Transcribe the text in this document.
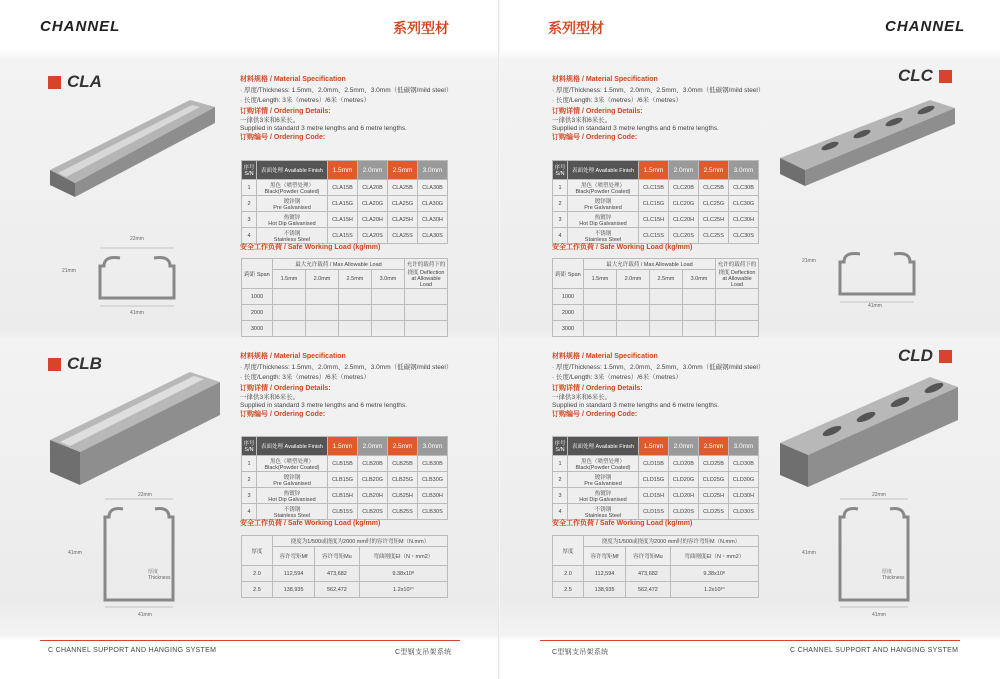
CHANNEL	系列型材
CLA
22mm
21mm
41mm
材料规格 / Material Specification
· 厚度/Thickness: 1.5mm、2.0mm、2.5mm、3.0mm（低碳钢/mild steel）
· 长度/Length: 3米（metres）/6米（metres）
订购详情 / Ordering Details:
一律供3米和6米长。
Supplied in standard 3 metre lengths and 6 metre lengths.
订购编号 / Ordering Code:
序号 S/N	表面处理 Available Finish	1.5mm	2.0mm	2.5mm	3.0mm
1	黑色（喷塑处理）
Black(Powder Coated)	CLA15B	CLA20B	CLA25B	CLA30B
2	镀锌钢
Pre Galvanised	CLA15G	CLA20G	CLA25G	CLA30G
3	热镀锌
Hot Dip Galvanised	CLA15H	CLA20H	CLA25H	CLA30H
4	不锈钢
Stainless Steel	CLA15S	CLA20S	CLA25S	CLA30S
安全工作负荷 / Safe Working Load (kg/mm)
跨距 Span	最大允许载荷 / Max Allowable Load				允许的载荷下的挠度 Deflection at Allowable Load
	1.5mm	2.0mm	2.5mm	3.0mm	
1000					
2000					
3000					
CLB
22mm
41mm
41mm
厚度 Thickness
材料规格 / Material Specification
· 厚度/Thickness: 1.5mm、2.0mm、2.5mm、3.0mm（低碳钢/mild steel）
· 长度/Length: 3米（metres）/6米（metres）
订购详情 / Ordering Details:
一律供3米和6米长。
Supplied in standard 3 metre lengths and 6 metre lengths.
订购编号 / Ordering Code:
序号 S/N	表面处理 Available Finish	1.5mm	2.0mm	2.5mm	3.0mm
1	黑色（喷塑处理）
Black(Powder Coated)	CLB15B	CLB20B	CLB25B	CLB30B
2	镀锌钢
Pre Galvanised	CLB15G	CLB20G	CLB25G	CLB30G
3	热镀锌
Hot Dip Galvanised	CLB15H	CLB20H	CLB25H	CLB30H
4	不锈钢
Stainless Steel	CLB15S	CLB20S	CLB25S	CLB30S
安全工作负荷 / Safe Working Load (kg/mm)
厚度	挠度为1/500或挠度为2000 mm时的容许弯矩M（N.mm）		
	容许弯矩Mf	容许弯矩Mu	弯曲刚度EI（N・mm2）
2.0	112,594	473,682	9.38x10⁸
2.5	138,935	562,472	1.2x10¹⁰
C CHANNEL SUPPORT AND HANGING SYSTEM	C型钢支吊架系统
系列型材	CHANNEL
材料规格 / Material Specification
· 厚度/Thickness: 1.5mm、2.0mm、2.5mm、3.0mm（低碳钢/mild steel）
· 长度/Length: 3米（metres）/6米（metres）
订购详情 / Ordering Details:
一律供3米和6米长。
Supplied in standard 3 metre lengths and 6 metre lengths.
订购编号 / Ordering Code:
序号 S/N	表面处理 Available Finish	1.5mm	2.0mm	2.5mm	3.0mm
1	黑色（喷塑处理）
Black(Powder Coated)	CLC15B	CLC20B	CLC25B	CLC30B
2	镀锌钢
Pre Galvanised	CLC15G	CLC20G	CLC25G	CLC30G
3	热镀锌
Hot Dip Galvanised	CLC15H	CLC20H	CLC25H	CLC30H
4	不锈钢
Stainless Steel	CLC15S	CLC20S	CLC25S	CLC30S
安全工作负荷 / Safe Working Load (kg/mm)
跨距 Span	最大允许载荷 / Max Allowable Load				允许的载荷下的挠度 Deflection at Allowable Load
	1.5mm	2.0mm	2.5mm	3.0mm	
1000					
2000					
3000					
CLC
21mm
41mm
材料规格 / Material Specification
· 厚度/Thickness: 1.5mm、2.0mm、2.5mm、3.0mm（低碳钢/mild steel）
· 长度/Length: 3米（metres）/6米（metres）
订购详情 / Ordering Details:
一律供3米和6米长。
Supplied in standard 3 metre lengths and 6 metre lengths.
订购编号 / Ordering Code:
序号 S/N	表面处理 Available Finish	1.5mm	2.0mm	2.5mm	3.0mm
1	黑色（喷塑处理）
Black(Powder Coated)	CLD15B	CLD20B	CLD25B	CLD30B
2	镀锌钢
Pre Galvanised	CLD15G	CLD20G	CLD25G	CLD30G
3	热镀锌
Hot Dip Galvanised	CLD15H	CLD20H	CLD25H	CLD30H
4	不锈钢
Stainless Steel	CLD15S	CLD20S	CLD25S	CLD30S
安全工作负荷 / Safe Working Load (kg/mm)
厚度	挠度为1/500或挠度为2000 mm时的容许弯矩M（N.mm）		
	容许弯矩Mf	容许弯矩Mu	弯曲刚度EI（N・mm2）
2.0	112,594	473,682	9.38x10⁸
2.5	138,935	562,472	1.2x10¹⁰
CLD
22mm
41mm
41mm
厚度 Thickness
C型钢支吊架系统	C CHANNEL SUPPORT AND HANGING SYSTEM
